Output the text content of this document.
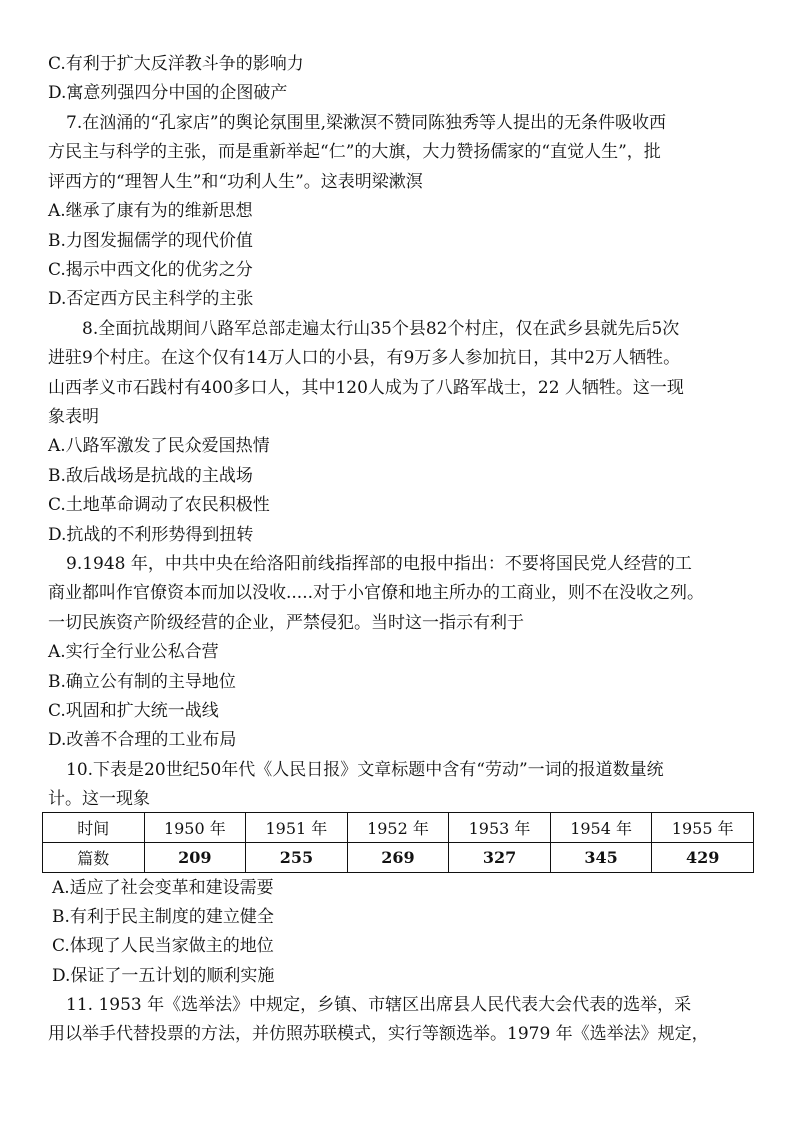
C.有利于扩大反洋教斗争的影响力
D.寓意列强四分中国的企图破产
7.在汹涌的“孔家店”的舆论氛围里,梁漱溟不赞同陈独秀等人提出的无条件吸收西
方民主与科学的主张，而是重新举起“仁”的大旗，大力赞扬儒家的“直觉人生”，批
评西方的“理智人生”和“功利人生”。这表明梁漱溟
A.继承了康有为的维新思想
B.力图发掘儒学的现代价值
C.揭示中西文化的优劣之分
D.否定西方民主科学的主张
8.全面抗战期间八路军总部走遍太行山35个县82个村庄，仅在武乡县就先后5次
进驻9个村庄。在这个仅有14万人口的小县，有9万多人参加抗日，其中2万人牺牲。
山西孝义市石践村有400多口人，其中120人成为了八路军战士，22 人牺牲。这一现
象表明
A.八路军激发了民众爱国热情
B.敌后战场是抗战的主战场
C.土地革命调动了农民积极性
D.抗战的不利形势得到扭转
9.1948 年，中共中央在给洛阳前线指挥部的电报中指出：不要将国民党人经营的工
商业都叫作官僚资本而加以没收.....对于小官僚和地主所办的工商业，则不在没收之列。
一切民族资产阶级经营的企业，严禁侵犯。当时这一指示有利于
A.实行全行业公私合营
B.确立公有制的主导地位
C.巩固和扩大统一战线
D.改善不合理的工业布局
10.下表是20世纪50年代《人民日报》文章标题中含有“劳动”一词的报道数量统
计。这一现象
时间	1950 年	1951 年	1952 年	1953 年	1954 年	1955 年
篇数	209	255	269	327	345	429
A.适应了社会变革和建设需要
B.有利于民主制度的建立健全
C.体现了人民当家做主的地位
D.保证了一五计划的顺利实施
11. 1953 年《选举法》中规定，乡镇、市辖区出席县人民代表大会代表的选举，采
用以举手代替投票的方法，并仿照苏联模式，实行等额选举。1979 年《选举法》规定，
